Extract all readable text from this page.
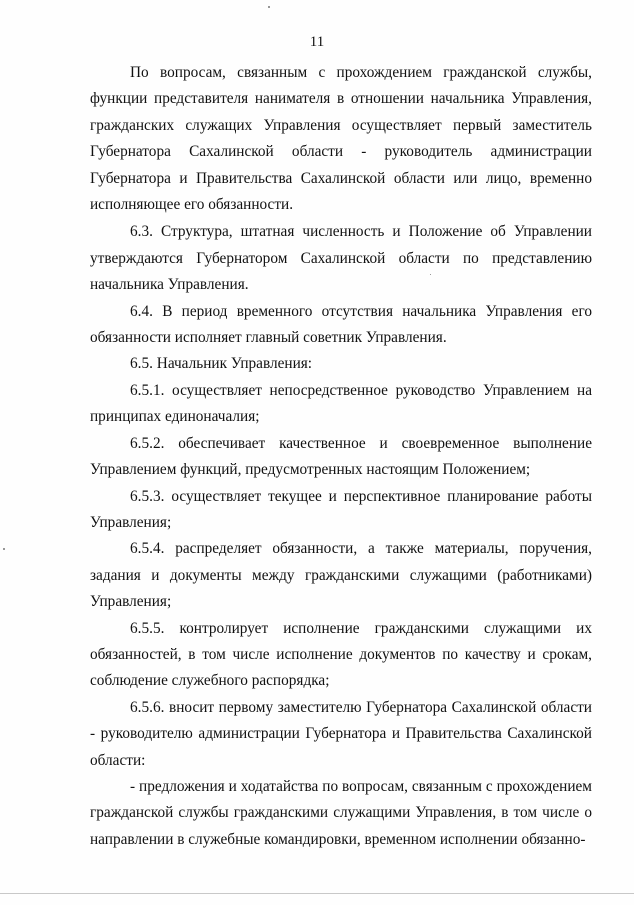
11

По вопросам, связанным с прохождением гражданской службы, функции представителя нанимателя в отношении начальника Управления, гражданских служащих Управления осуществляет первый заместитель Губернатора Сахалинской области - руководитель администрации Губернатора и Правительства Сахалинской области или лицо, временно исполняющее его обязанности.

6.3. Структура, штатная численность и Положение об Управлении утверждаются Губернатором Сахалинской области по представлению начальника Управления.

6.4. В период временного отсутствия начальника Управления его обязанности исполняет главный советник Управления.

6.5. Начальник Управления:

6.5.1. осуществляет непосредственное руководство Управлением на принципах единоначалия;

6.5.2. обеспечивает качественное и своевременное выполнение Управлением функций, предусмотренных настоящим Положением;

6.5.3. осуществляет текущее и перспективное планирование работы Управления;

6.5.4. распределяет обязанности, а также материалы, поручения, задания и документы между гражданскими служащими (работниками) Управления;

6.5.5. контролирует исполнение гражданскими служащими их обязанностей, в том числе исполнение документов по качеству и срокам, соблюдение служебного распорядка;

6.5.6. вносит первому заместителю Губернатора Сахалинской области - руководителю администрации Губернатора и Правительства Сахалинской области:

- предложения и ходатайства по вопросам, связанным с прохождением гражданской службы гражданскими служащими Управления, в том числе о направлении в служебные командировки, временном исполнении обязанно-
